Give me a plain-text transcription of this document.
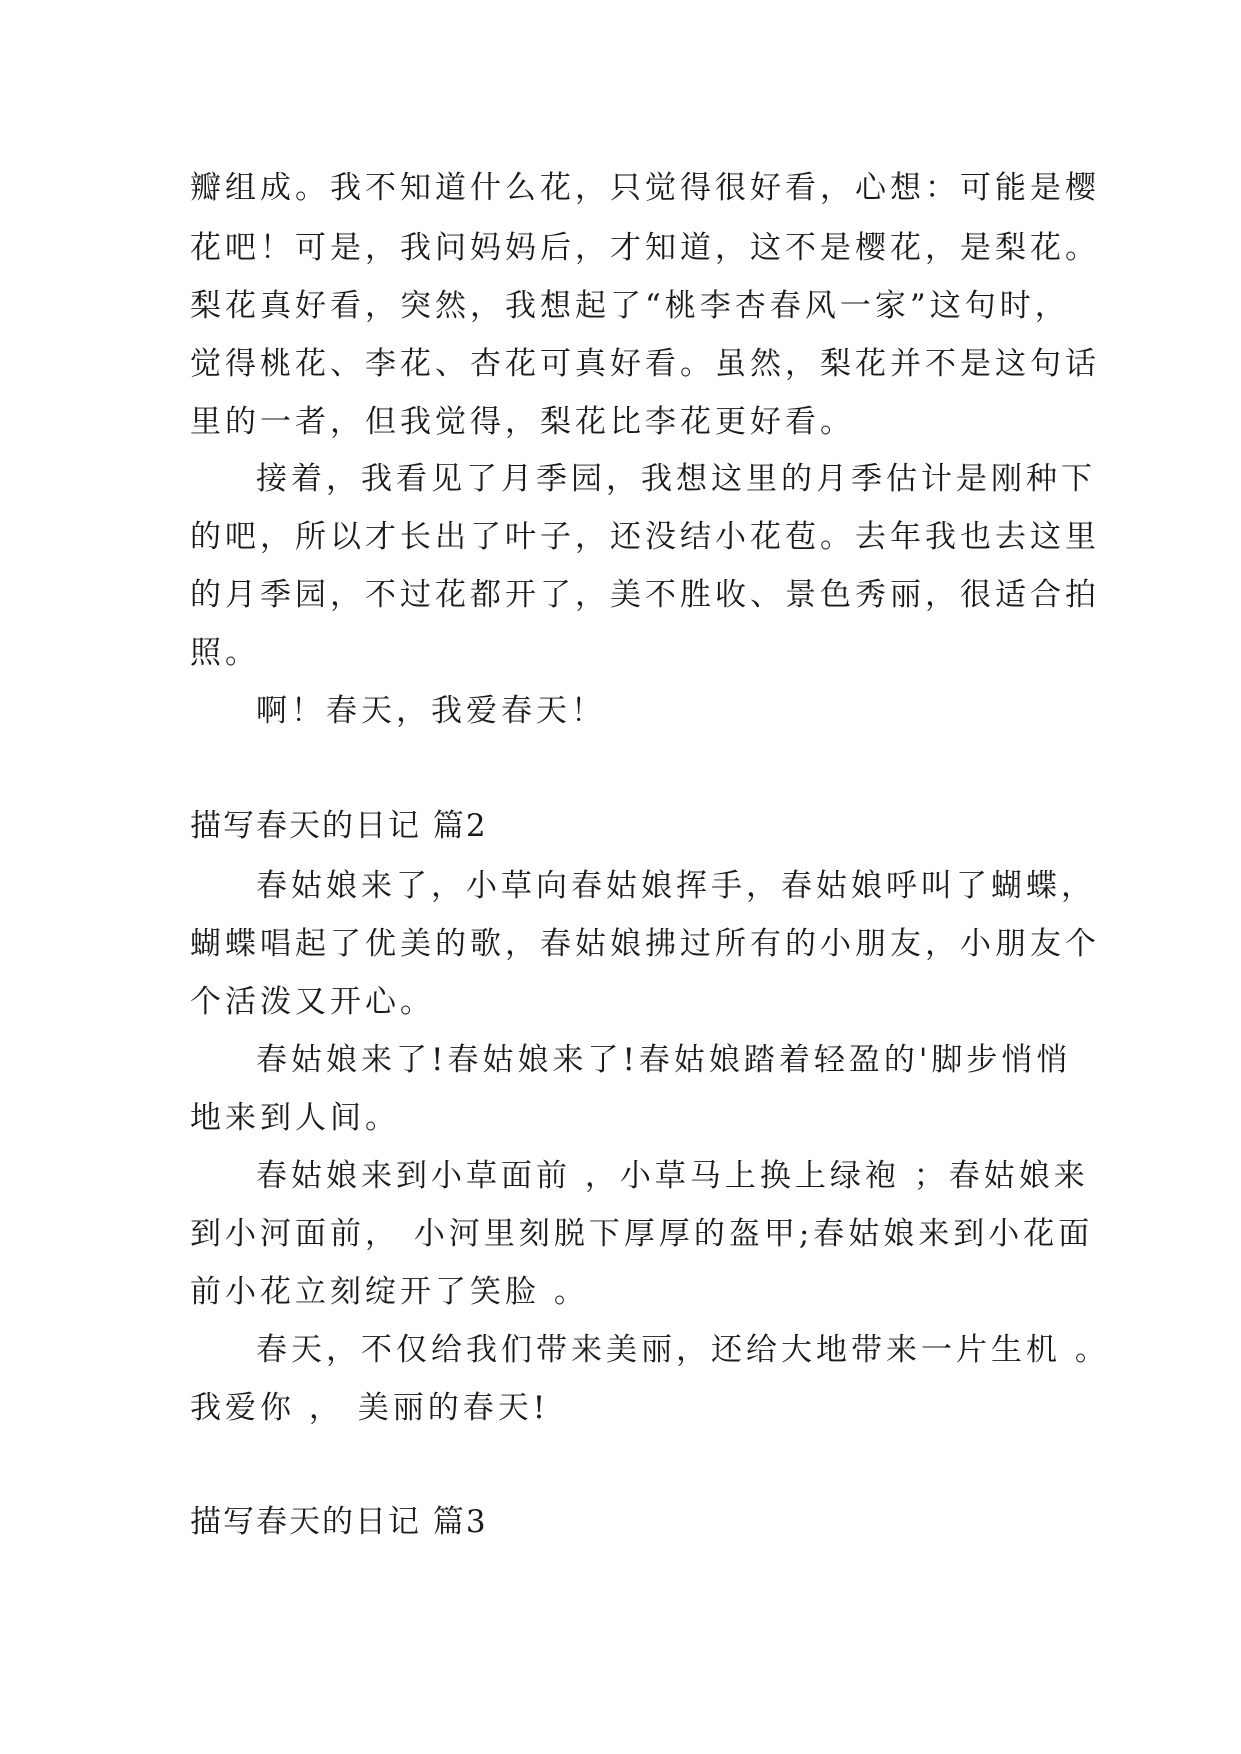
瓣组成。我不知道什么花，只觉得很好看，心想：可能是樱
花吧！可是，我问妈妈后，才知道，这不是樱花，是梨花。
梨花真好看，突然，我想起了“桃李杏春风一家”这句时，
觉得桃花、李花、杏花可真好看。虽然，梨花并不是这句话
里的一者，但我觉得，梨花比李花更好看。
接着，我看见了月季园，我想这里的月季估计是刚种下
的吧，所以才长出了叶子，还没结小花苞。去年我也去这里
的月季园，不过花都开了，美不胜收、景色秀丽，很适合拍
照。
啊！春天，我爱春天！
描写春天的日记 篇2
春姑娘来了，小草向春姑娘挥手，春姑娘呼叫了蝴蝶，
蝴蝶唱起了优美的歌，春姑娘拂过所有的小朋友，小朋友个
个活泼又开心。
春姑娘来了!春姑娘来了!春姑娘踏着轻盈的'脚步悄悄
地来到人间。
春姑娘来到小草面前 ，小草马上换上绿袍 ；春姑娘来
到小河面前， 小河里刻脱下厚厚的盔甲;春姑娘来到小花面
前小花立刻绽开了笑脸 。
春天，不仅给我们带来美丽，还给大地带来一片生机 。
我爱你 ， 美丽的春天!
描写春天的日记 篇3
